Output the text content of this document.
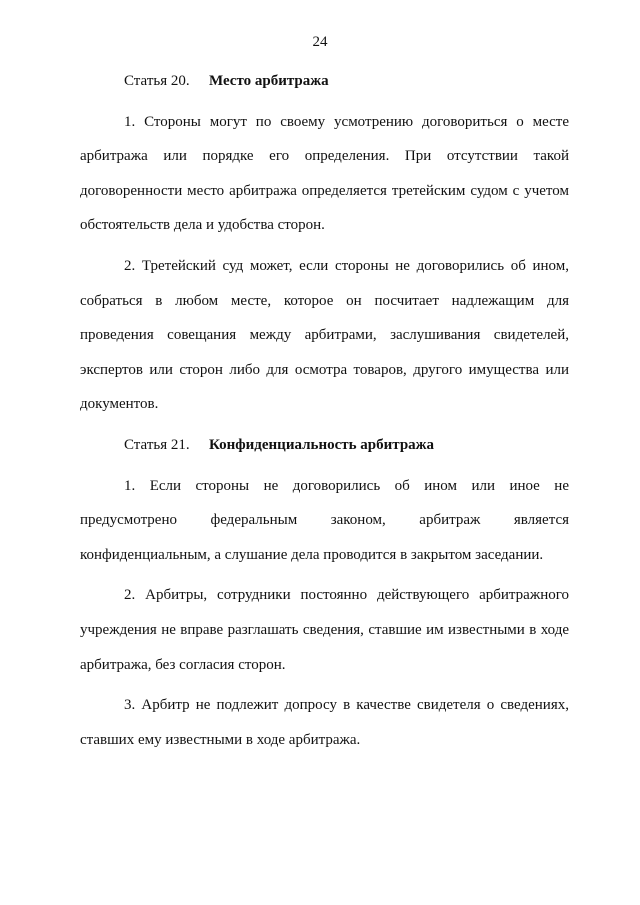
24
Статья 20. Место арбитража

1. Стороны могут по своему усмотрению договориться о месте арбитража или порядке его определения. При отсутствии такой договоренности место арбитража определяется третейским судом с учетом обстоятельств дела и удобства сторон.

2. Третейский суд может, если стороны не договорились об ином, собраться в любом месте, которое он посчитает надлежащим для проведения совещания между арбитрами, заслушивания свидетелей, экспертов или сторон либо для осмотра товаров, другого имущества или документов.

Статья 21. Конфиденциальность арбитража

1. Если стороны не договорились об ином или иное не предусмотрено федеральным законом, арбитраж является конфиденциальным, а слушание дела проводится в закрытом заседании.

2. Арбитры, сотрудники постоянно действующего арбитражного учреждения не вправе разглашать сведения, ставшие им известными в ходе арбитража, без согласия сторон.

3. Арбитр не подлежит допросу в качестве свидетеля о сведениях, ставших ему известными в ходе арбитража.
